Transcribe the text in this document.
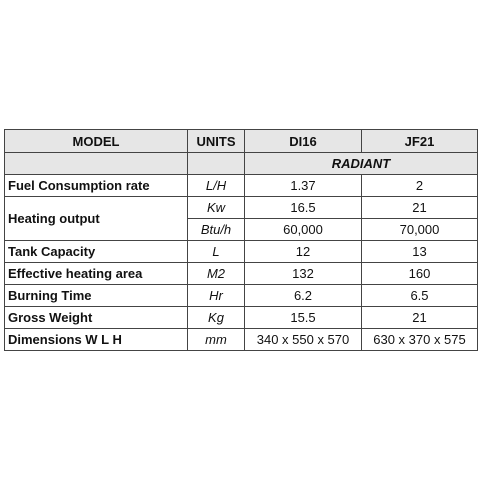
MODEL	UNITS	DI16	JF21
		RADIANT	
Fuel Consumption rate	L/H	1.37	2
Heating output	Kw	16.5	21
	Btu/h	60,000	70,000
Tank Capacity	L	12	13
Effective heating area	M2	132	160
Burning Time	Hr	6.2	6.5
Gross Weight	Kg	15.5	21
Dimensions W L H	mm	340 x 550 x 570	630 x 370 x 575
